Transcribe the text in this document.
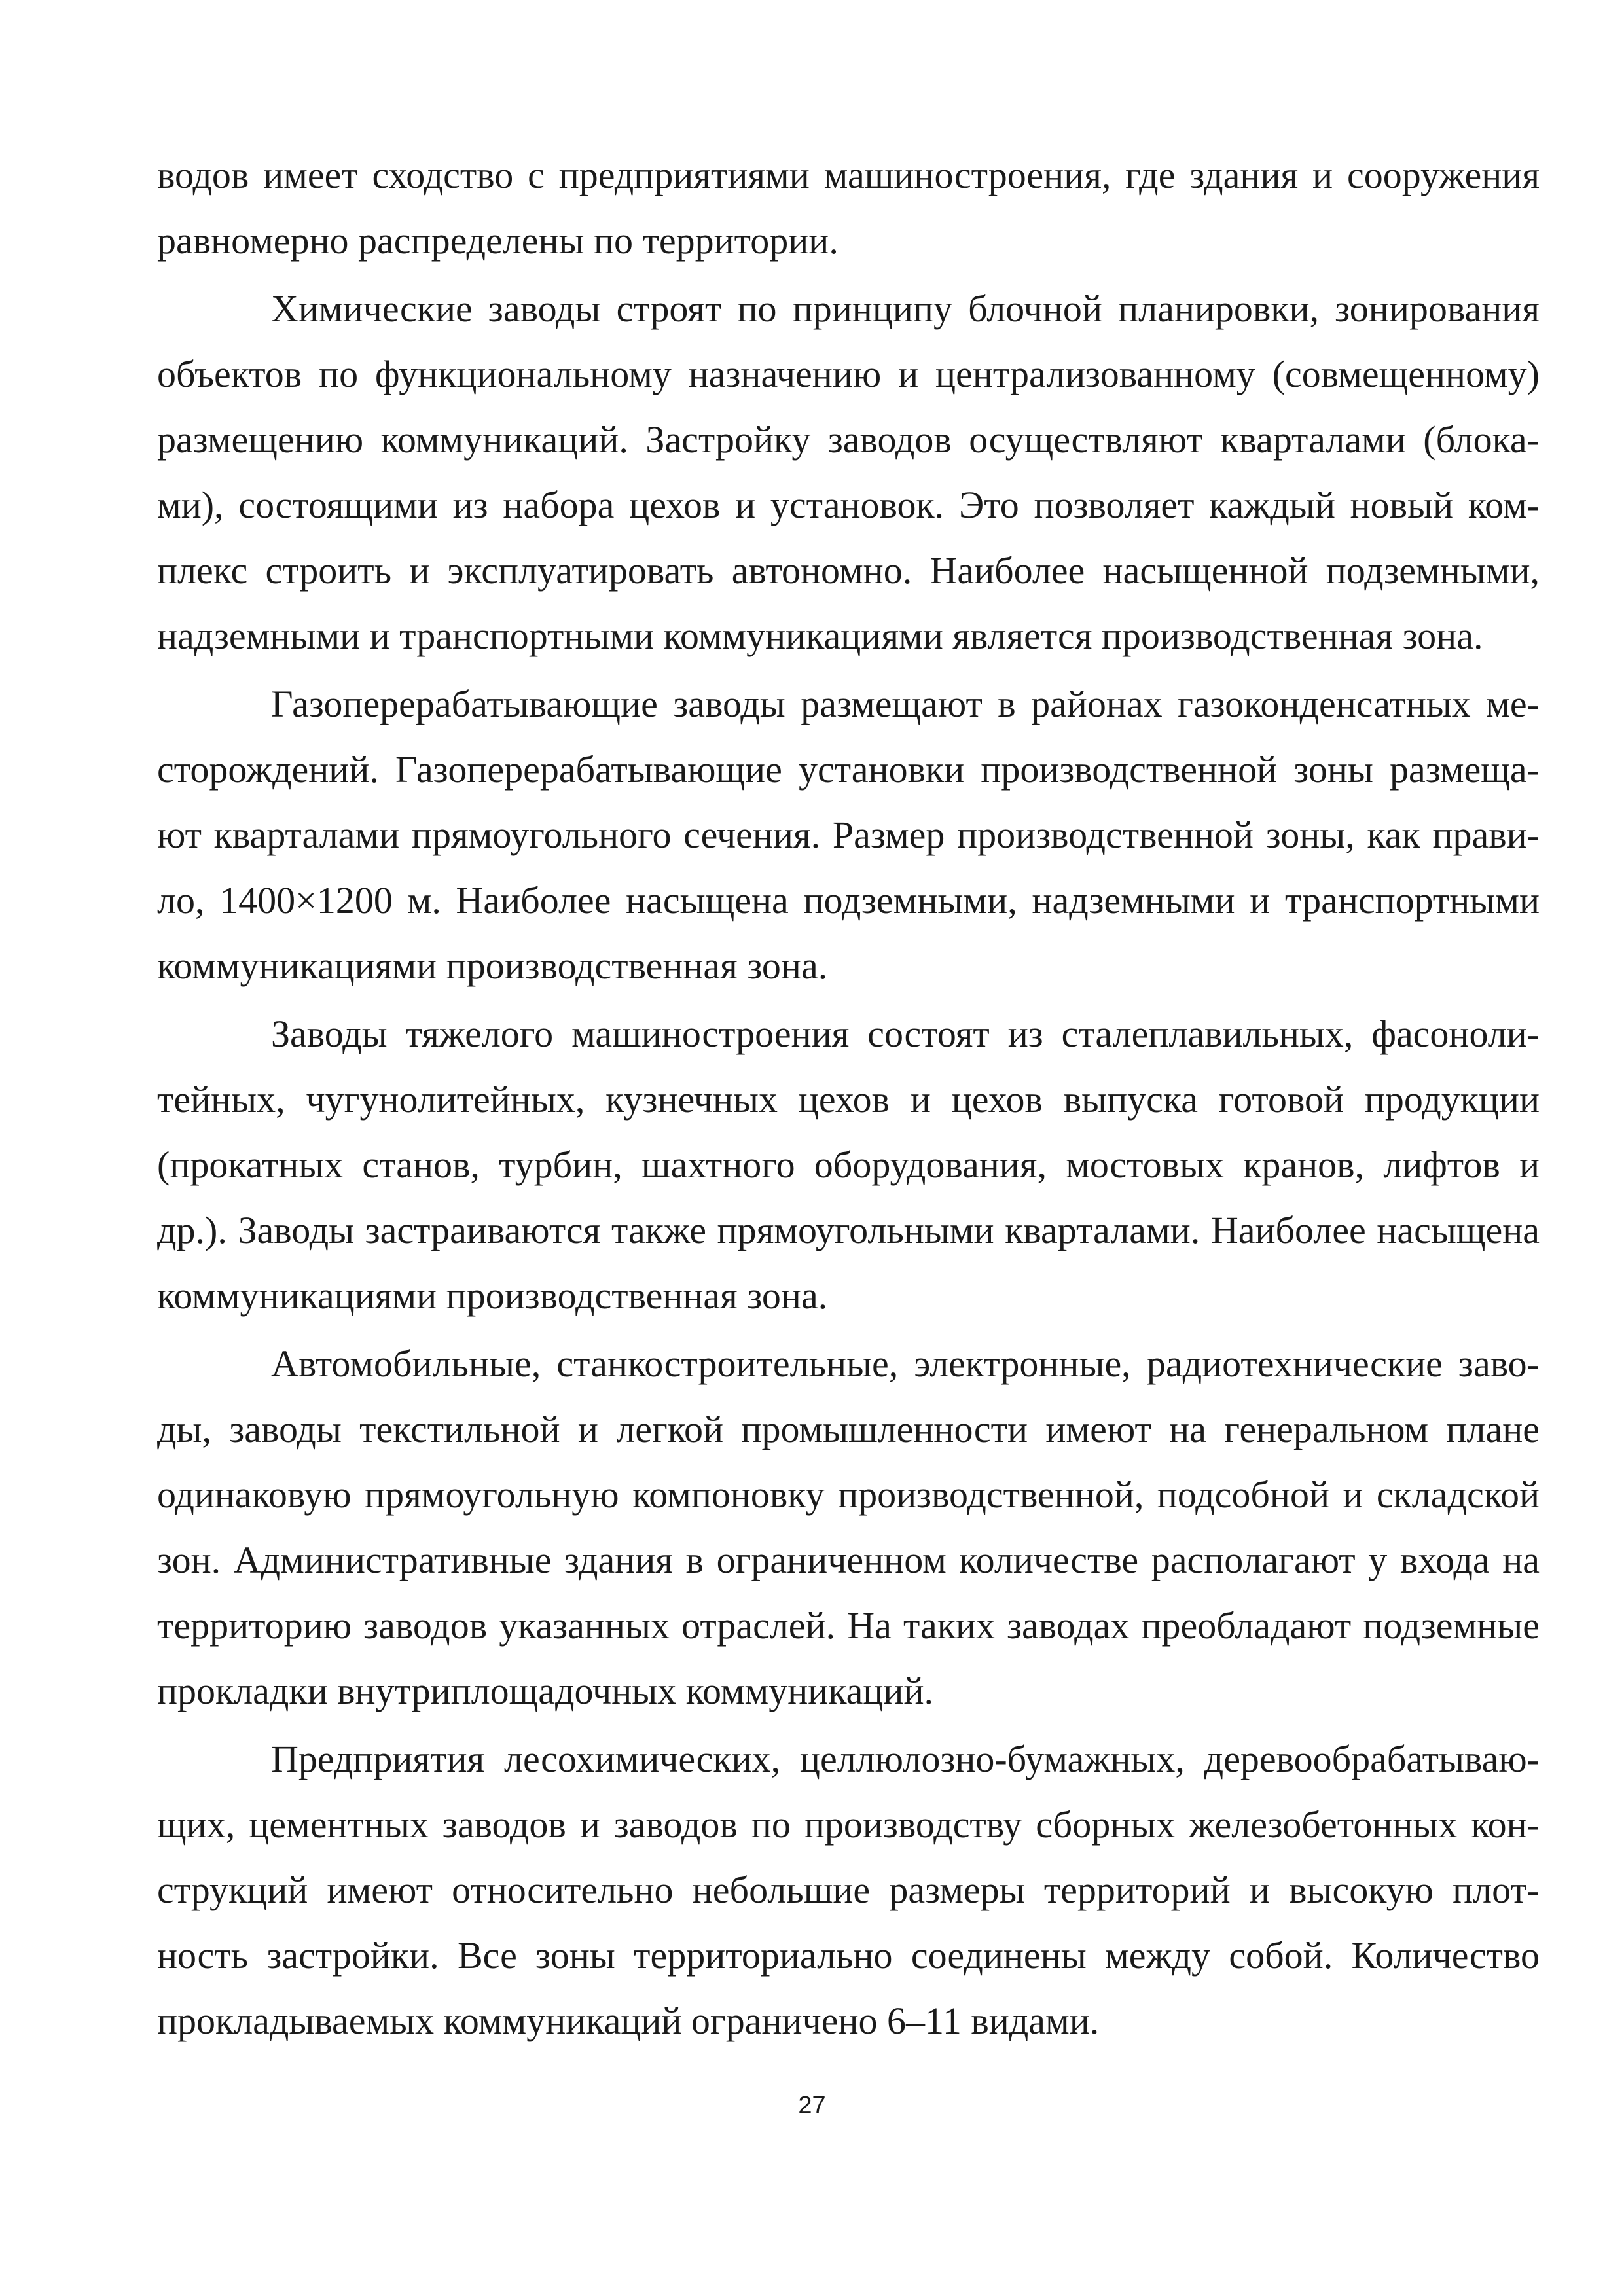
водов имеет сходство с предприятиями машиностроения, где здания и сооружения
равномерно распределены по территории.
Химические заводы строят по принципу блочной планировки, зонирования
объектов по функциональному назначению и централизованному (совмещенному)
размещению коммуникаций. Застройку заводов осуществляют кварталами (блока-
ми), состоящими из набора цехов и установок. Это позволяет каждый новый ком-
плекс строить и эксплуатировать автономно. Наиболее насыщенной подземными,
надземными и транспортными коммуникациями является производственная зона.
Газоперерабатывающие заводы размещают в районах газоконденсатных ме-
сторождений. Газоперерабатывающие установки производственной зоны размеща-
ют кварталами прямоугольного сечения. Размер производственной зоны, как прави-
ло, 1400×1200 м. Наиболее насыщена подземными, надземными и транспортными
коммуникациями производственная зона.
Заводы тяжелого машиностроения состоят из сталеплавильных, фасоноли-
тейных, чугунолитейных, кузнечных цехов и цехов выпуска готовой продукции
(прокатных станов, турбин, шахтного оборудования, мостовых кранов, лифтов и
др.). Заводы застраиваются также прямоугольными кварталами. Наиболее насыщена
коммуникациями производственная зона.
Автомобильные, станкостроительные, электронные, радиотехнические заво-
ды, заводы текстильной и легкой промышленности имеют на генеральном плане
одинаковую прямоугольную компоновку производственной, подсобной и складской
зон. Административные здания в ограниченном количестве располагают у входа на
территорию заводов указанных отраслей. На таких заводах преобладают подземные
прокладки внутриплощадочных коммуникаций.
Предприятия лесохимических, целлюлозно-бумажных, деревообрабатываю-
щих, цементных заводов и заводов по производству сборных железобетонных кон-
струкций имеют относительно небольшие размеры территорий и высокую плот-
ность застройки. Все зоны территориально соединены между собой. Количество
прокладываемых коммуникаций ограничено 6–11 видами.
27
